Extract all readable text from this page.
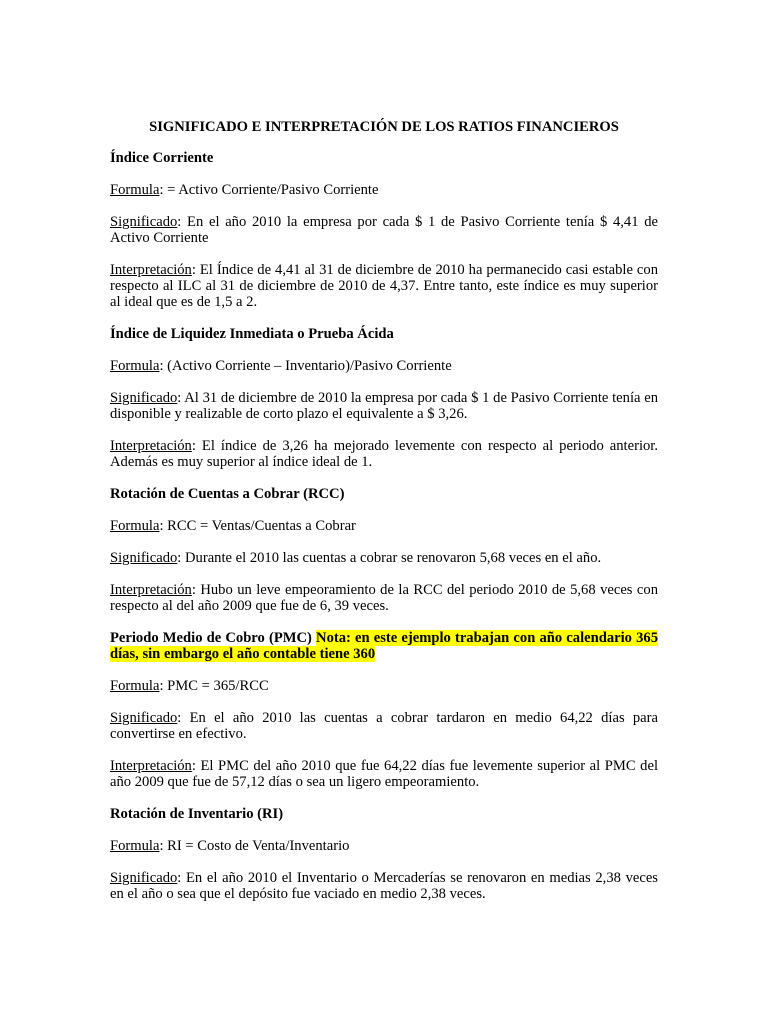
SIGNIFICADO E INTERPRETACIÓN DE LOS RATIOS FINANCIEROS
Índice Corriente

Formula: = Activo Corriente/Pasivo Corriente

Significado: En el año 2010 la empresa por cada $ 1 de Pasivo Corriente tenía $ 4,41 de Activo Corriente

Interpretación: El Índice de 4,41 al 31 de diciembre de 2010 ha permanecido casi estable con respecto al ILC al 31 de diciembre de 2010 de 4,37. Entre tanto, este índice es muy superior al ideal que es de 1,5 a 2.

Índice de Liquidez Inmediata o Prueba Ácida

Formula: (Activo Corriente – Inventario)/Pasivo Corriente

Significado: Al 31 de diciembre de 2010 la empresa por cada $ 1 de Pasivo Corriente tenía en disponible y realizable de corto plazo el equivalente a $ 3,26.

Interpretación: El índice de 3,26 ha mejorado levemente con respecto al periodo anterior. Además es muy superior al índice ideal de 1.

Rotación de Cuentas a Cobrar (RCC)

Formula: RCC = Ventas/Cuentas a Cobrar

Significado: Durante el 2010 las cuentas a cobrar se renovaron 5,68 veces en el año.

Interpretación: Hubo un leve empeoramiento de la RCC del periodo 2010 de 5,68 veces con respecto al del año 2009 que fue de 6, 39 veces.

Periodo Medio de Cobro (PMC) Nota: en este ejemplo trabajan con año calendario 365 días, sin embargo el año contable tiene 360

Formula: PMC = 365/RCC

Significado: En el año 2010 las cuentas a cobrar tardaron en medio 64,22 días para convertirse en efectivo.

Interpretación: El PMC del año 2010 que fue 64,22 días fue levemente superior al PMC del año 2009 que fue de 57,12 días o sea un ligero empeoramiento.

Rotación de Inventario (RI)

Formula: RI = Costo de Venta/Inventario

Significado: En el año 2010 el Inventario o Mercaderías se renovaron en medias 2,38 veces en el año o sea que el depósito fue vaciado en medio 2,38 veces.
